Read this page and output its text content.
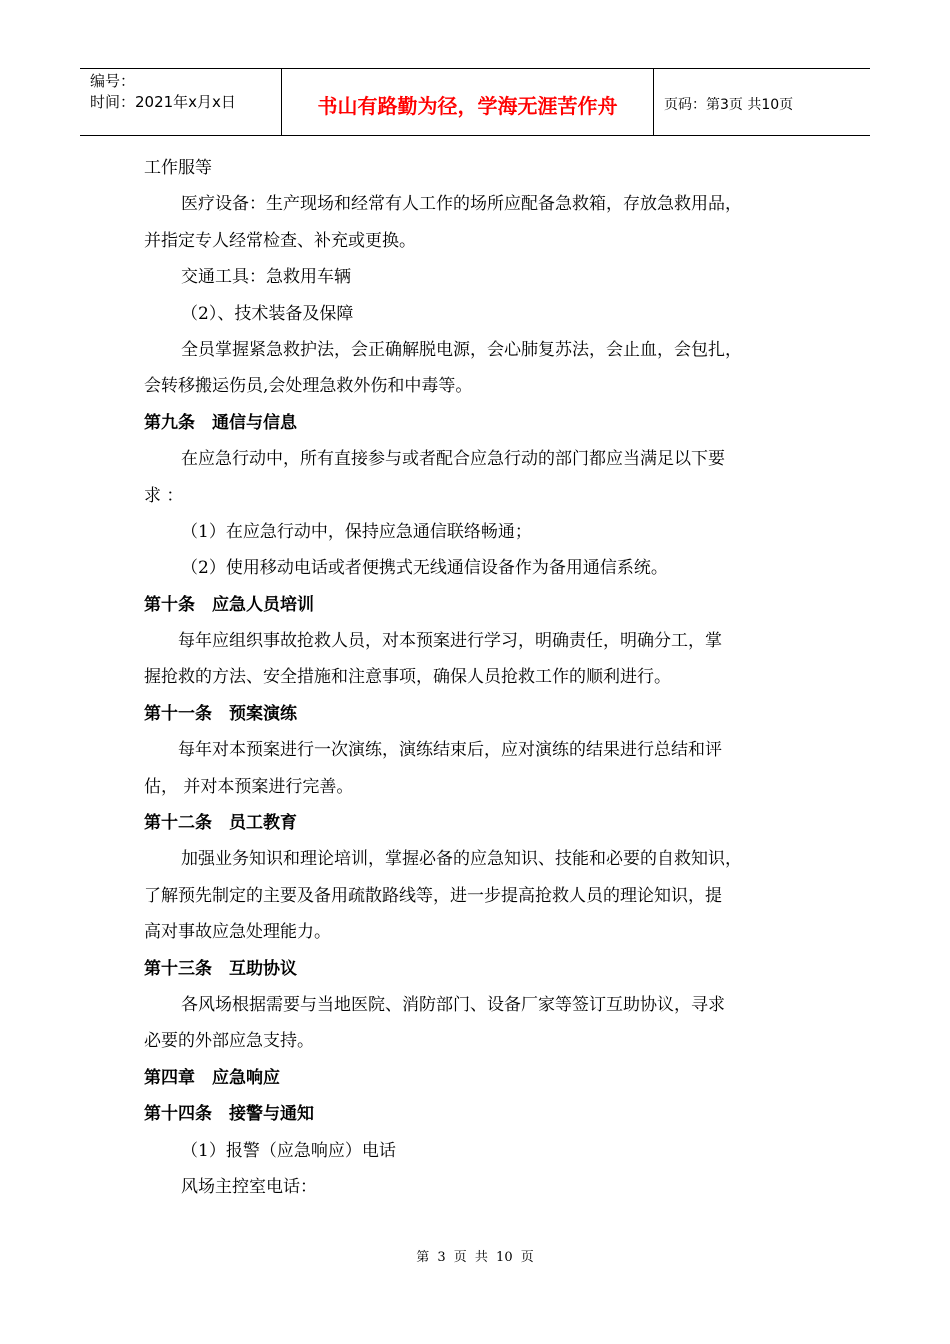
编号：
时间：2021年x月x日	书山有路勤为径，学海无涯苦作舟	页码：第3页 共10页
工作服等
医疗设备：生产现场和经常有人工作的场所应配备急救箱，存放急救用品，
并指定专人经常检查、补充或更换。
交通工具：急救用车辆
（2）、技术装备及保障
全员掌握紧急救护法，会正确解脱电源，会心肺复苏法，会止血，会包扎，
会转移搬运伤员,会处理急救外伤和中毒等。
第九条　通信与信息
在应急行动中，所有直接参与或者配合应急行动的部门都应当满足以下要
求 ：
（1）在应急行动中，保持应急通信联络畅通；
（2）使用移动电话或者便携式无线通信设备作为备用通信系统。
第十条　应急人员培训
每年应组织事故抢救人员，对本预案进行学习，明确责任，明确分工，掌
握抢救的方法、安全措施和注意事项，确保人员抢救工作的顺利进行。
第十一条　预案演练
每年对本预案进行一次演练，演练结束后，应对演练的结果进行总结和评
估， 并对本预案进行完善。
第十二条　员工教育
加强业务知识和理论培训，掌握必备的应急知识、技能和必要的自救知识，
了解预先制定的主要及备用疏散路线等，进一步提高抢救人员的理论知识，提
高对事故应急处理能力。
第十三条　互助协议
各风场根据需要与当地医院、消防部门、设备厂家等签订互助协议，寻求
必要的外部应急支持。
第四章　应急响应
第十四条　接警与通知
（1）报警（应急响应）电话
风场主控室电话：
第 3 页 共 10 页
